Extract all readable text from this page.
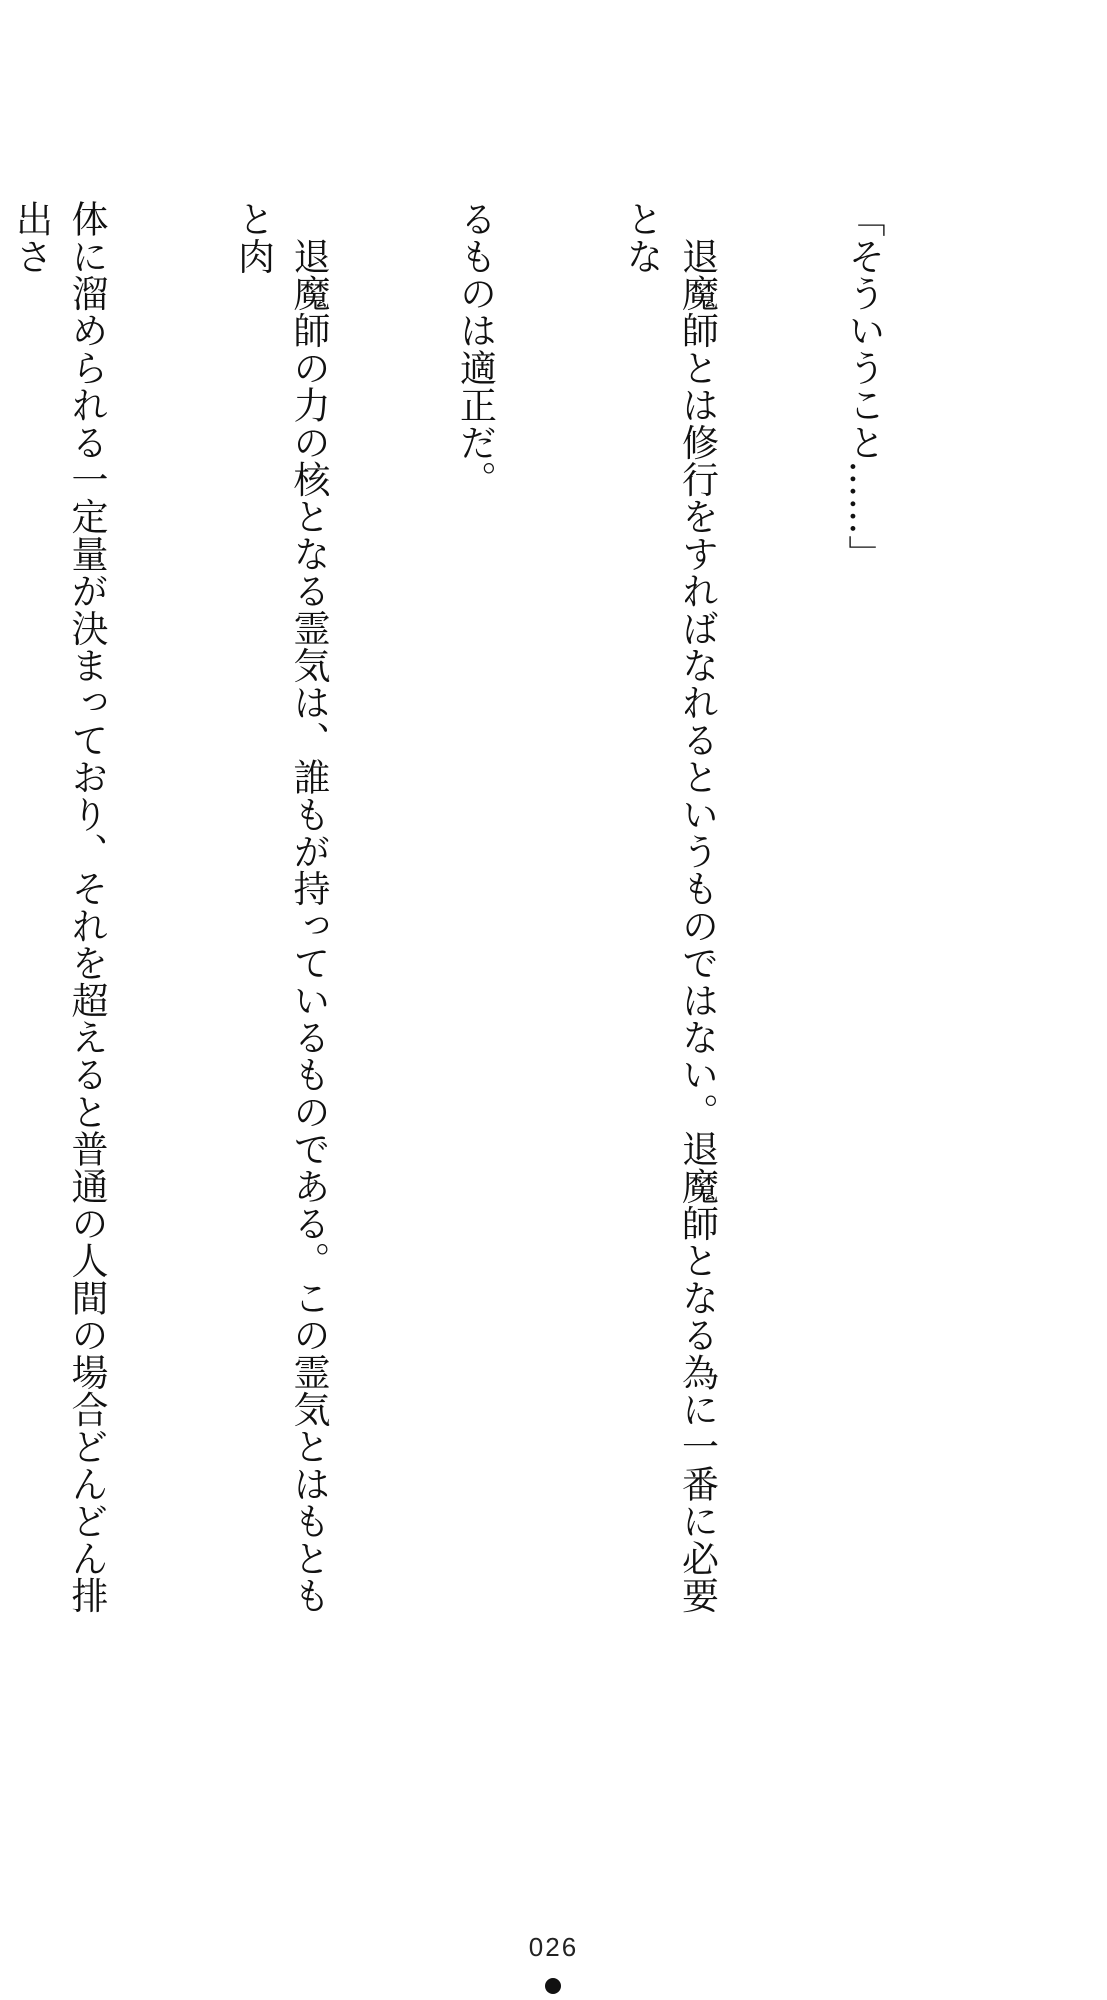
「そういうこと……」

　退魔師とは修行をすればなれるというものではない。退魔師となる為に一番に必要とな

るものは適正だ。

　退魔師の力の核となる霊気は、誰もが持っているものである。この霊気とはもともと肉

体に溜められる一定量が決まっており、それを超えると普通の人間の場合どんどん排出さ

026
